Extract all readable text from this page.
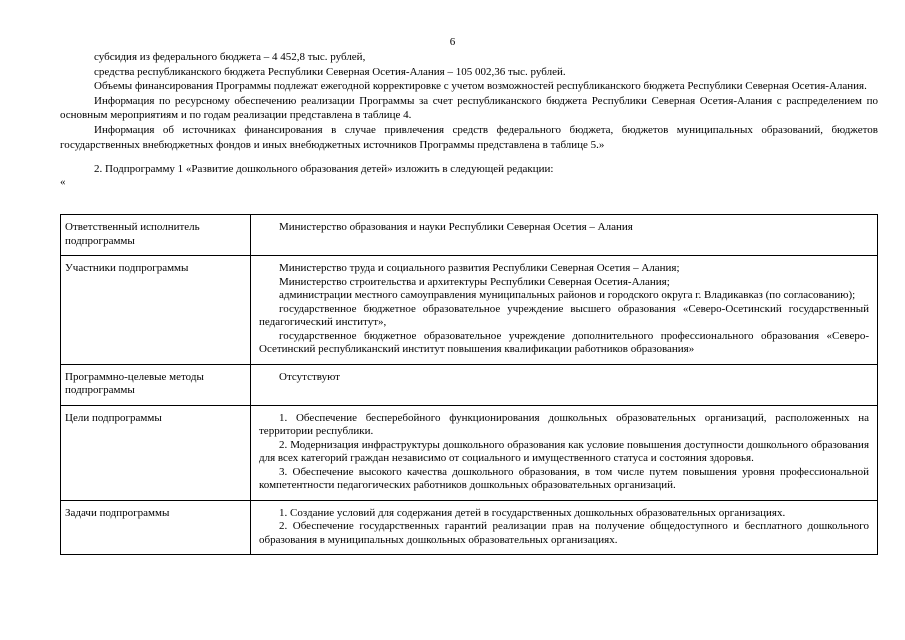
6

субсидия из федерального бюджета – 4 452,8 тыс. рублей,

средства республиканского бюджета Республики Северная Осетия-Алания – 105 002,36 тыс. рублей.

Объемы финансирования Программы подлежат ежегодной корректировке с учетом возможностей республиканского бюджета Республики Северная Осетия-Алания.

Информация по ресурсному обеспечению реализации Программы за счет республиканского бюджета Республики Северная Осетия-Алания с распределением по основным мероприятиям и по годам реализации представлена в таблице 4.

Информация об источниках финансирования в случае привлечения средств федерального бюджета, бюджетов муниципальных образований, бюджетов государственных внебюджетных фондов и иных внебюджетных источников Программы представлена в таблице 5.»

2. Подпрограмму 1 «Развитие дошкольного образования детей» изложить в следующей редакции:

«

Ответственный исполнитель подпрограммы	Министерство образования и науки Республики Северная Осетия – Алания

Участники подпрограммы	Министерство труда и социального развития Республики Северная Осетия – Алания;

Министерство строительства и архитектуры Республики Северная Осетия-Алания;

администрации местного самоуправления муниципальных районов и городского округа г. Владикавказ (по согласованию);

государственное бюджетное образовательное учреждение высшего образования «Северо-Осетинский государственный педагогический институт»,

государственное бюджетное образовательное учреждение дополнительного профессионального образования «Северо-Осетинский республиканский институт повышения квалификации работников образования»

Программно-целевые методы подпрограммы	Отсутствуют

Цели подпрограммы	1. Обеспечение бесперебойного функционирования дошкольных образовательных организаций, расположенных на территории республики.

2. Модернизация инфраструктуры дошкольного образования как условие повышения доступности дошкольного образования для всех категорий граждан независимо от социального и имущественного статуса и состояния здоровья.

3. Обеспечение высокого качества дошкольного образования, в том числе путем повышения уровня профессиональной компетентности педагогических работников дошкольных образовательных организаций.

Задачи подпрограммы	1. Создание условий для содержания детей в государственных дошкольных образовательных организациях.

2. Обеспечение государственных гарантий реализации прав на получение общедоступного и бесплатного дошкольного образования в муниципальных дошкольных образовательных организациях.
